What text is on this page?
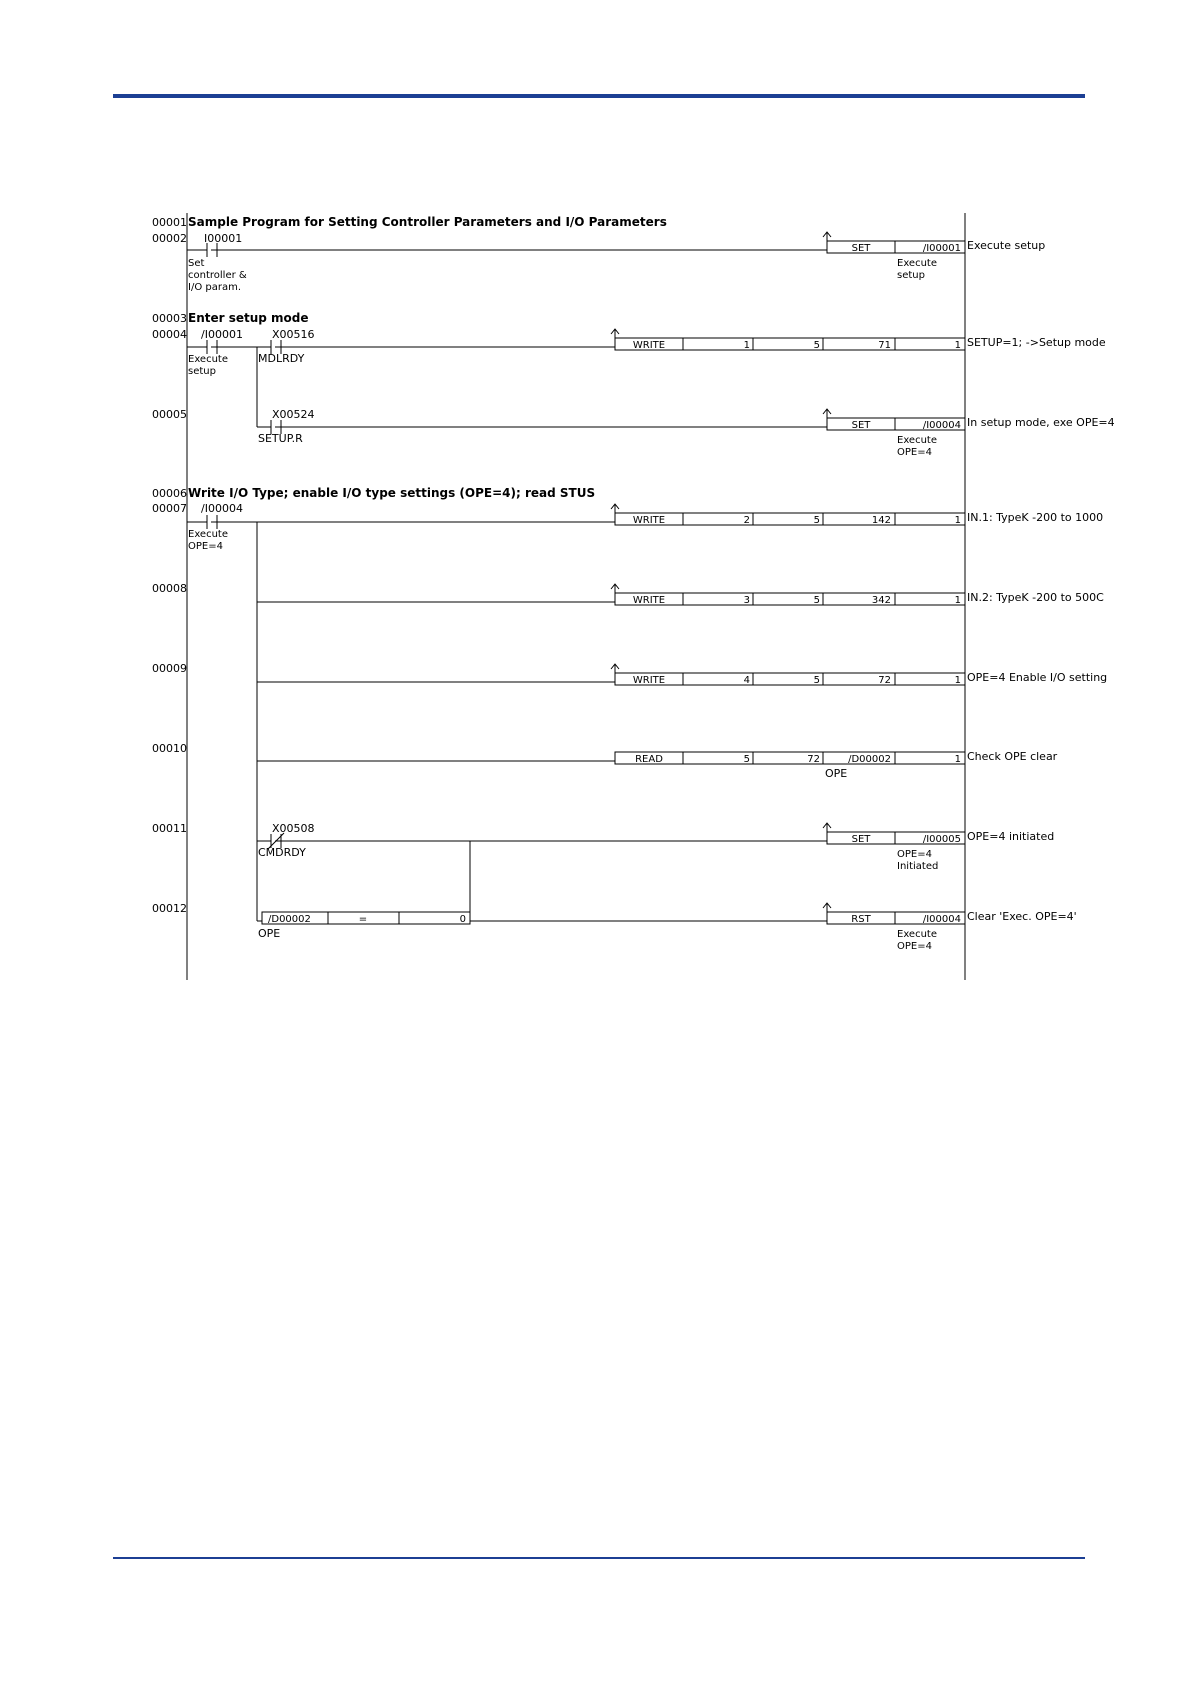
00001
00002
00003
00004
00005
00006
00007
00008
00009
00010
00011
00012
Sample Program for Setting Controller Parameters and I/O Parameters
Enter setup mode
Write I/O Type; enable I/O type settings (OPE=4); read STUS
I00001
/I00001	X00516
X00524
/I00004
X00508
Set
controller &
I/O param.
Execute
setup
MDLRDY
SETUP.R
Execute
OPE=4
CMDRDY
/D00002	=	0
OPE
SET	/I00001
Execute
setup
Execute setup
WRITE	1	5	71	1 SETUP=1; ->Setup mode
SET	/I00004
Execute
OPE=4
In setup mode, exe OPE=4
WRITE	2	5	142	1 IN.1: TypeK -200 to 1000
WRITE	3	5	342	1 IN.2: TypeK -200 to 500C
WRITE	4	5	72	1 OPE=4 Enable I/O setting
READ	5	72	/D00002	1
OPE
Check OPE clear
SET	/I00005
OPE=4
Initiated
OPE=4 initiated
RST	/I00004
Execute
OPE=4
Clear 'Exec. OPE=4'
